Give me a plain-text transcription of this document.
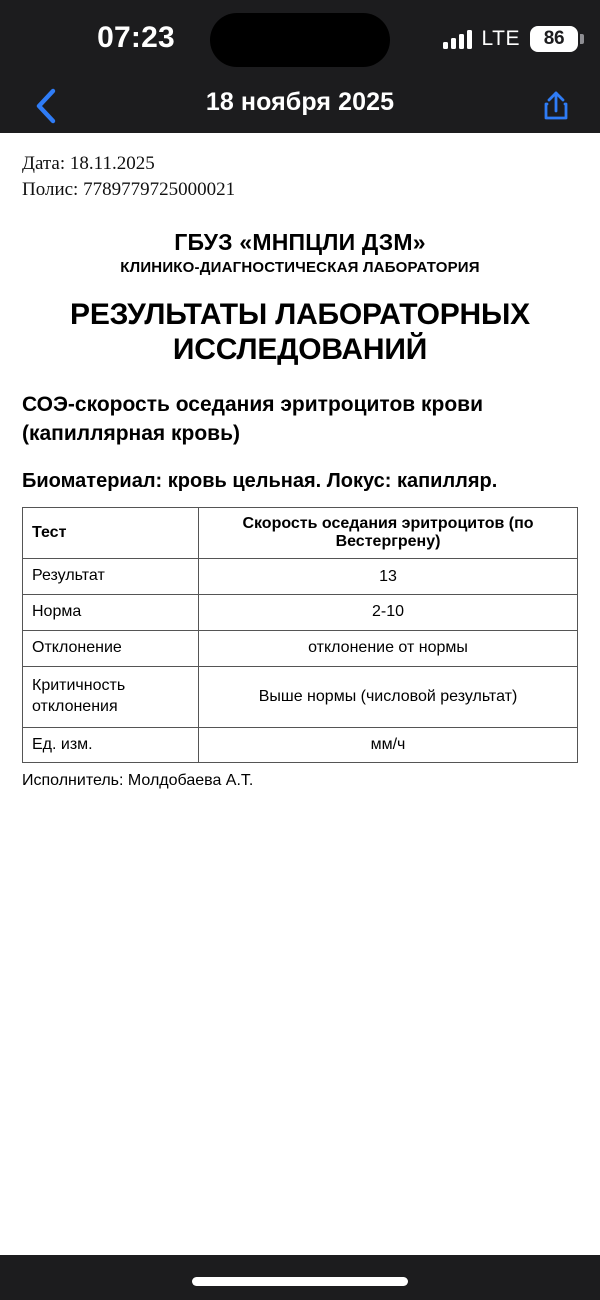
07:23	LTE 86
18 ноября 2025
Дата: 18.11.2025
Полис: 7789779725000021
ГБУЗ «МНПЦЛИ ДЗМ»
КЛИНИКО-ДИАГНОСТИЧЕСКАЯ ЛАБОРАТОРИЯ
РЕЗУЛЬТАТЫ ЛАБОРАТОРНЫХ ИССЛЕДОВАНИЙ
СОЭ-скорость оседания эритроцитов крови (капиллярная кровь)
Биоматериал: кровь цельная. Локус: капилляр.
Тест	Скорость оседания эритроцитов (по Вестергрену)
Результат	13
Норма	2-10
Отклонение	отклонение от нормы
Критичность отклонения	Выше нормы (числовой результат)
Ед. изм.	мм/ч
Исполнитель: Молдобаева А.Т.
